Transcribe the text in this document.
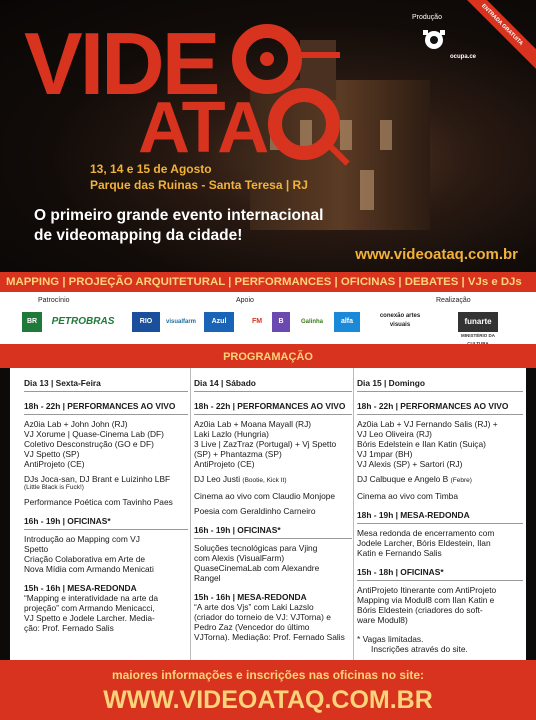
VIDE
ATA
13, 14 e 15 de Agosto
Parque das Ruinas - Santa Teresa | RJ
O primeiro grande evento internacional
de videomapping da cidade!
www.videoataq.com.br
Produção
ocupa.ce
ENTRADA GRATUITA
MAPPING | PROJEÇÃO ARQUITETURAL | PERFORMANCES | OFICINAS | DEBATES | VJs e DJs
Patrocínio	Apoio	Realização
BR	PETROBRAS	RIO	visualfarm	Azul	FM	B	Galinha	alfa
conexão artes visuais	funarte
MINISTÉRIO DA
PROGRAMAÇÃO
Dia 13 | Sexta-Feira
18h - 22h | PERFORMANCES AO VIVO
Az0ia Lab + John John (RJ)
VJ Xorume | Quase-Cinema Lab (DF)
Coletivo Desconstrução (GO e DF)
VJ Spetto (SP)
AntiProjeto (CE)
DJs Joca-san, DJ Brant e Luizinho LBF
(Little Black is Fuck!)
Performance Poética com Tavinho Paes
16h - 19h | OFICINAS*
Introdução ao Mapping com VJ
Spetto
Criação Colaborativa em Arte de
Nova Mídia com Armando Menicati
15h - 16h | MESA-REDONDA
“Mapping e interatividade na arte da
projeção” com Armando Menicacci,
VJ Spetto e Jodele Larcher. Media-
ção: Prof. Fernado Salis
Dia 14 | Sábado
18h - 22h | PERFORMANCES AO VIVO
Az0ia Lab + Moana Mayall (RJ)
Laki Lazlo (Hungria)
3 Live | ZazTraz (Portugal) + Vj Spetto
(SP) + Phantazma (SP)
AntiProjeto (CE)
DJ Leo Justi (Bootie, Kick It)
Cinema ao vivo com Claudio Monjope
Poesia com Geraldinho Carneiro
16h - 19h | OFICINAS*
Soluções tecnológicas para Vjing
com Alexis (VisualFarm)
QuaseCinemaLab com Alexandre
Rangel
15h - 16h | MESA-REDONDA
“A arte dos Vjs” com Laki Lazslo
(criador do torneio de VJ: VJTorna) e
Pedro Zaz (Vencedor do último
VJTorna). Mediação: Prof. Fernado Salis
Dia 15 | Domingo
18h - 22h | PERFORMANCES AO VIVO
Az0ia Lab + VJ Fernando Salis (RJ) +
VJ Leo Oliveira (RJ)
Bóris Edelstein e Ilan Katin (Suiça)
VJ 1mpar (BH)
VJ Alexis (SP) + Sartori (RJ)
DJ Calbuque e Angelo B (Febre)
Cinema ao vivo com Timba
18h - 19h | MESA-REDONDA
Mesa redonda de encerramento com
Jodele Larcher, Bóris Eldestein, Ilan
Katin e Fernando Salis
15h - 18h | OFICINAS*
AntiProjeto Itinerante com AntiProjeto
Mapping via Modul8 com Ilan Katin e
Bóris Eldestein (criadores do soft-
ware Modul8)
* Vagas limitadas.
Inscrições através do site.
maiores informações e inscrições nas oficinas no site:
WWW.VIDEOATAQ.COM.BR
